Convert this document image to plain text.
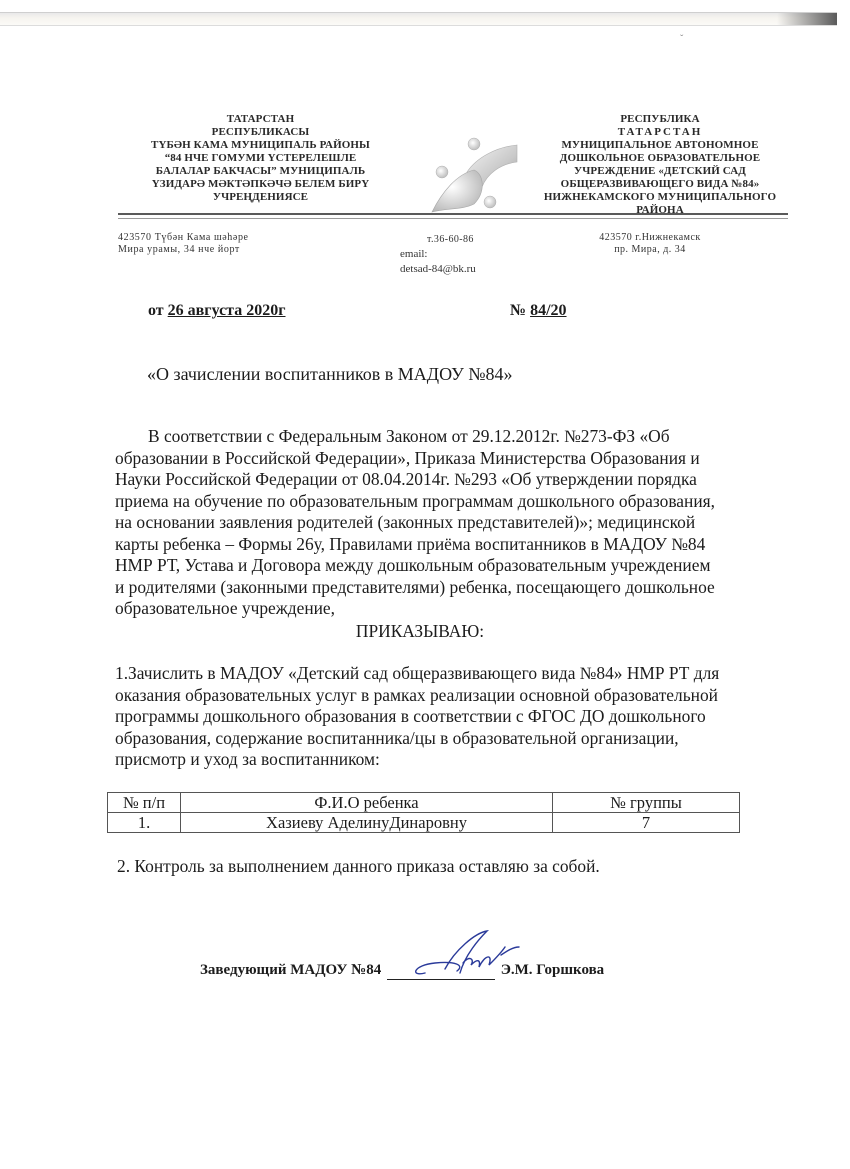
ˇ
ТАТАРСТАН
РЕСПУБЛИКАСЫ
ТҮБӘН КАМА МУНИЦИПАЛЬ РАЙОНЫ
“84 НЧЕ ГОМУМИ ҮСТЕРЕЛЕШЛЕ
БАЛАЛАР БАКЧАСЫ” МУНИЦИПАЛЬ
ҮЗИДАРӘ МӘКТӘПКӘЧӘ БЕЛЕМ БИРҮ
УЧРЕҢДЕНИЯСЕ
РЕСПУБЛИКА
ТАТАРСТАН
МУНИЦИПАЛЬНОЕ АВТОНОМНОЕ
ДОШКОЛЬНОЕ ОБРАЗОВАТЕЛЬНОЕ
УЧРЕЖДЕНИЕ «ДЕТСКИЙ САД
ОБЩЕРАЗВИВАЮЩЕГО ВИДА №84»
НИЖНЕКАМСКОГО МУНИЦИПАЛЬНОГО
РАЙОНА
423570 Түбән Кама шәһәре
Мира урамы, 34 нче йорт
т.36-60-86
email:
detsad-84@bk.ru
423570 г.Нижнекамск
пр. Мира, д. 34
от 26 августа 2020г	№ 84/20
«О зачислении воспитанников в МАДОУ №84»
В соответствии с Федеральным Законом от 29.12.2012г. №273-ФЗ «Об
образовании в Российской Федерации», Приказа Министерства Образования и
Науки Российской Федерации от 08.04.2014г. №293 «Об утверждении порядка
приема на обучение по образовательным программам дошкольного образования,
на основании заявления родителей (законных представителей)»; медицинской
карты ребенка – Формы 26у, Правилами приёма воспитанников в МАДОУ №84
НМР РТ, Устава и Договора между дошкольным образовательным учреждением
и родителями (законными представителями) ребенка, посещающего дошкольное
образовательное учреждение,
ПРИКАЗЫВАЮ:
1.Зачислить в МАДОУ «Детский сад общеразвивающего вида №84» НМР РТ для
оказания образовательных услуг в рамках реализации основной образовательной
программы дошкольного образования в соответствии с ФГОС ДО дошкольного
образования, содержание воспитанника/цы в образовательной организации,
присмотр и уход за воспитанником:
№ п/п	Ф.И.О ребенка	№ группы
1.	Хазиеву АделинуДинаровну	7
2. Контроль за выполнением данного приказа оставляю за собой.
Заведующий МАДОУ №84	Э.М. Горшкова
